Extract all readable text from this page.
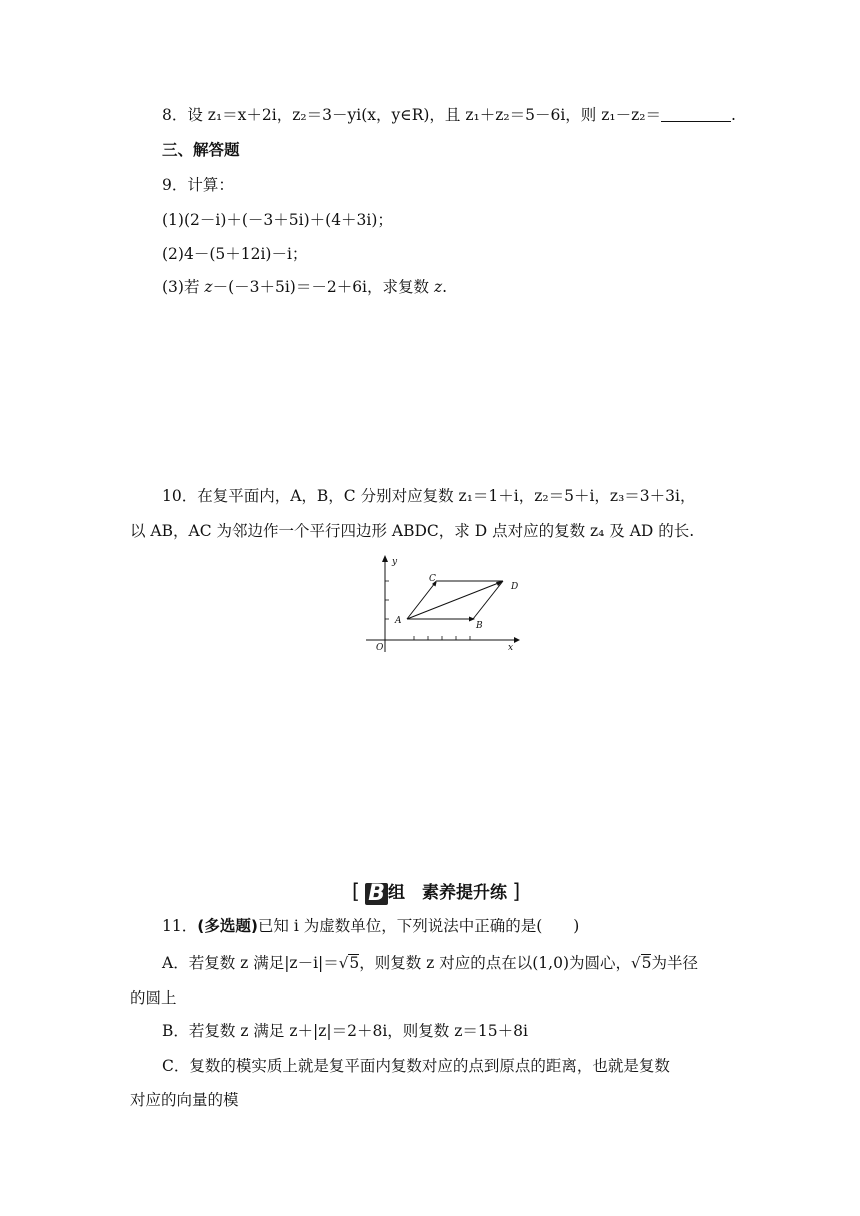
8．设 z₁＝x＋2i，z₂＝3－yi(x，y∈R)，且 z₁＋z₂＝5－6i，则 z₁－z₂＝	.
三、解答题
9．计算：
(1)(2－i)＋(－3＋5i)＋(4＋3i)；
(2)4－(5＋12i)－i；
(3)若 z－(－3＋5i)＝－2＋6i，求复数 z.
10．在复平面内，A，B，C 分别对应复数 z₁＝1＋i，z₂＝5＋i，z₃＝3＋3i，
以 AB，AC 为邻边作一个平行四边形 ABDC，求 D 点对应的复数 z₄ 及 AD 的长.
y
x
O
A	B
C
D
[ B 组　素养提升练 ]
11．(多选题)已知 i 为虚数单位，下列说法中正确的是(　　)
A．若复数 z 满足|z－i|＝√5，则复数 z 对应的点在以(1,0)为圆心，√5为半径
的圆上
B．若复数 z 满足 z＋|z|＝2＋8i，则复数 z＝15＋8i
C．复数的模实质上就是复平面内复数对应的点到原点的距离，也就是复数
对应的向量的模
